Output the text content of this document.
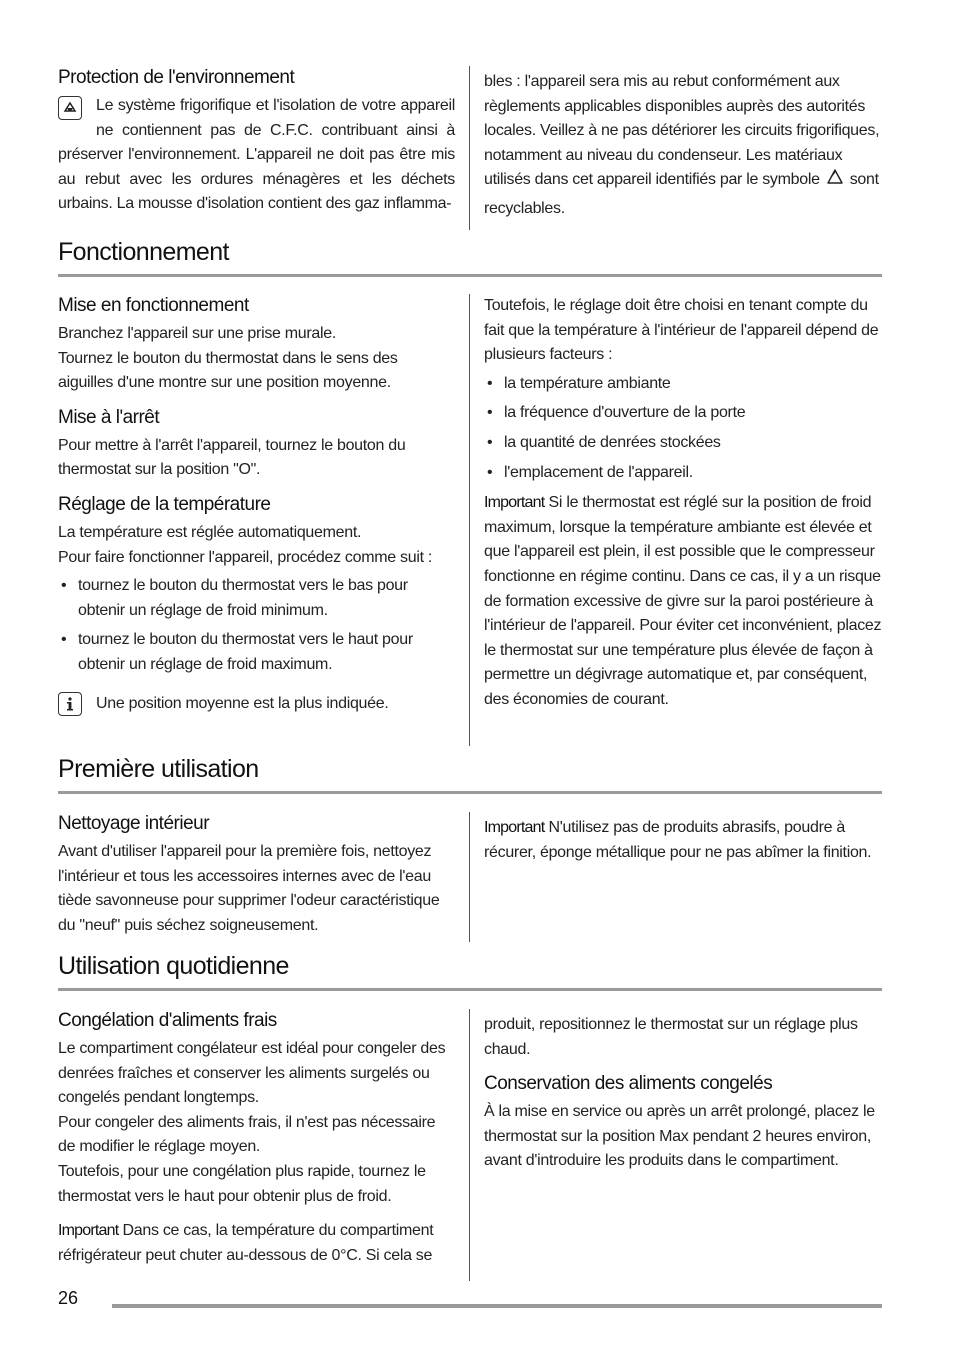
Protection de l'environnement

Le système frigorifique et l'isolation de votre appareil ne contiennent pas de C.F.C. contribuant ainsi à préserver l'environnement. L'appareil ne doit pas être mis au rebut avec les ordures ménagères et les déchets urbains. La mousse d'isolation contient des gaz inflamma-

bles : l'appareil sera mis au rebut conformément aux règlements applicables disponibles auprès des autorités locales. Veillez à ne pas détériorer les circuits frigorifiques, notamment au niveau du condenseur. Les matériaux utilisés dans cet appareil identifiés par le symbole sont recyclables.

Fonctionnement
Mise en fonctionnement

Branchez l'appareil sur une prise murale.

Tournez le bouton du thermostat dans le sens des aiguilles d'une montre sur une position moyenne.

Mise à l'arrêt

Pour mettre à l'arrêt l'appareil, tournez le bouton du thermostat sur la position "O".

Réglage de la température

La température est réglée automatiquement.

Pour faire fonctionner l'appareil, procédez comme suit :

• tournez le bouton du thermostat vers le bas pour obtenir un réglage de froid minimum.
• tournez le bouton du thermostat vers le haut pour obtenir un réglage de froid maximum.
Une position moyenne est la plus indiquée.

Toutefois, le réglage doit être choisi en tenant compte du fait que la température à l'intérieur de l'appareil dépend de plusieurs facteurs :

• la température ambiante
• la fréquence d'ouverture de la porte
• la quantité de denrées stockées
• l'emplacement de l'appareil.

Important Si le thermostat est réglé sur la position de froid maximum, lorsque la température ambiante est élevée et que l'appareil est plein, il est possible que le compresseur fonctionne en régime continu. Dans ce cas, il y a un risque de formation excessive de givre sur la paroi postérieure à l'intérieur de l'appareil. Pour éviter cet inconvénient, placez le thermostat sur une température plus élevée de façon à permettre un dégivrage automatique et, par conséquent, des économies de courant.

Première utilisation
Nettoyage intérieur

Avant d'utiliser l'appareil pour la première fois, nettoyez l'intérieur et tous les accessoires internes avec de l'eau tiède savonneuse pour supprimer l'odeur caractéristique du "neuf" puis séchez soigneusement.

Important N'utilisez pas de produits abrasifs, poudre à récurer, éponge métallique pour ne pas abîmer la finition.

Utilisation quotidienne
Congélation d'aliments frais

Le compartiment congélateur est idéal pour congeler des denrées fraîches et conserver les aliments surgelés ou congelés pendant longtemps.

Pour congeler des aliments frais, il n'est pas nécessaire de modifier le réglage moyen.

Toutefois, pour une congélation plus rapide, tournez le thermostat vers le haut pour obtenir plus de froid.

Important Dans ce cas, la température du compartiment réfrigérateur peut chuter au-dessous de 0°C. Si cela se

produit, repositionnez le thermostat sur un réglage plus chaud.

Conservation des aliments congelés

À la mise en service ou après un arrêt prolongé, placez le thermostat sur la position Max pendant 2 heures environ, avant d'introduire les produits dans le compartiment.

26
